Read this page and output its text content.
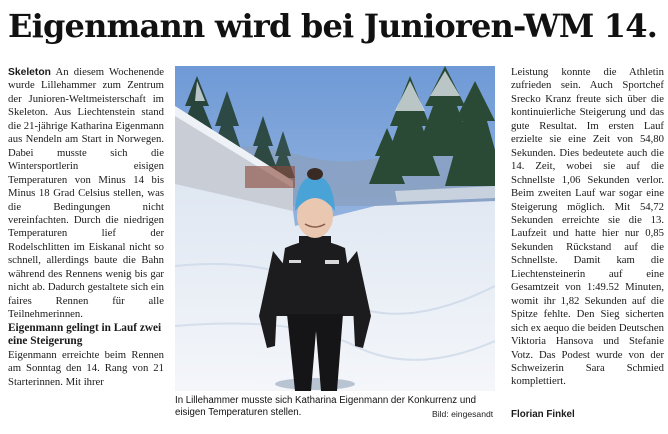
Eigenmann wird bei Junioren-WM 14.

Skeleton An diesem Wochenende wurde Lillehammer zum Zentrum der Junioren-Weltmeisterschaft im Skeleton. Aus Liechtenstein stand die 21-jährige Katharina Eigenmann aus Nendeln am Start in Norwegen. Dabei musste sich die Wintersportlerin eisigen Temperaturen von Minus 14 bis Minus 18 Grad Celsius stellen, was die Bedingungen nicht vereinfachten. Durch die niedrigen Temperaturen lief der Rodelschlitten im Eiskanal nicht so schnell, allerdings baute die Bahn während des Rennens wenig bis gar nicht ab. Dadurch gestaltete sich ein faires Rennen für alle Teilnehmerinnen.

Eigenmann gelingt in Lauf zwei eine Steigerung

Eigenmann erreichte beim Rennen am Sonntag den 14. Rang von 21 Starterinnen. Mit ihrer

In Lillehammer musste sich Katharina Eigenmann der Konkurrenz und eisigen Temperaturen stellen.	Bild: eingesandt

Leistung konnte die Athletin zufrieden sein. Auch Sportchef Srecko Kranz freute sich über die kontinuierliche Steigerung und das gute Resultat. Im ersten Lauf erzielte sie eine Zeit von 54,80 Sekunden. Dies bedeutete auch die 14. Zeit, wobei sie auf die Schnellste 1,06 Sekunden verlor. Beim zweiten Lauf war sogar eine Steigerung möglich. Mit 54,72 Sekunden erreichte sie die 13. Laufzeit und hatte hier nur 0,85 Sekunden Rückstand auf die Schnellste. Damit kam die Liechtensteinerin auf eine Gesamtzeit von 1:49.52 Minuten, womit ihr 1,82 Sekunden auf die Spitze fehlte. Den Sieg sicherten sich ex aequo die beiden Deutschen Viktoria Hansova und Stefanie Votz. Das Podest wurde von der Schweizerin Sara Schmied komplettiert.

Florian Finkel
